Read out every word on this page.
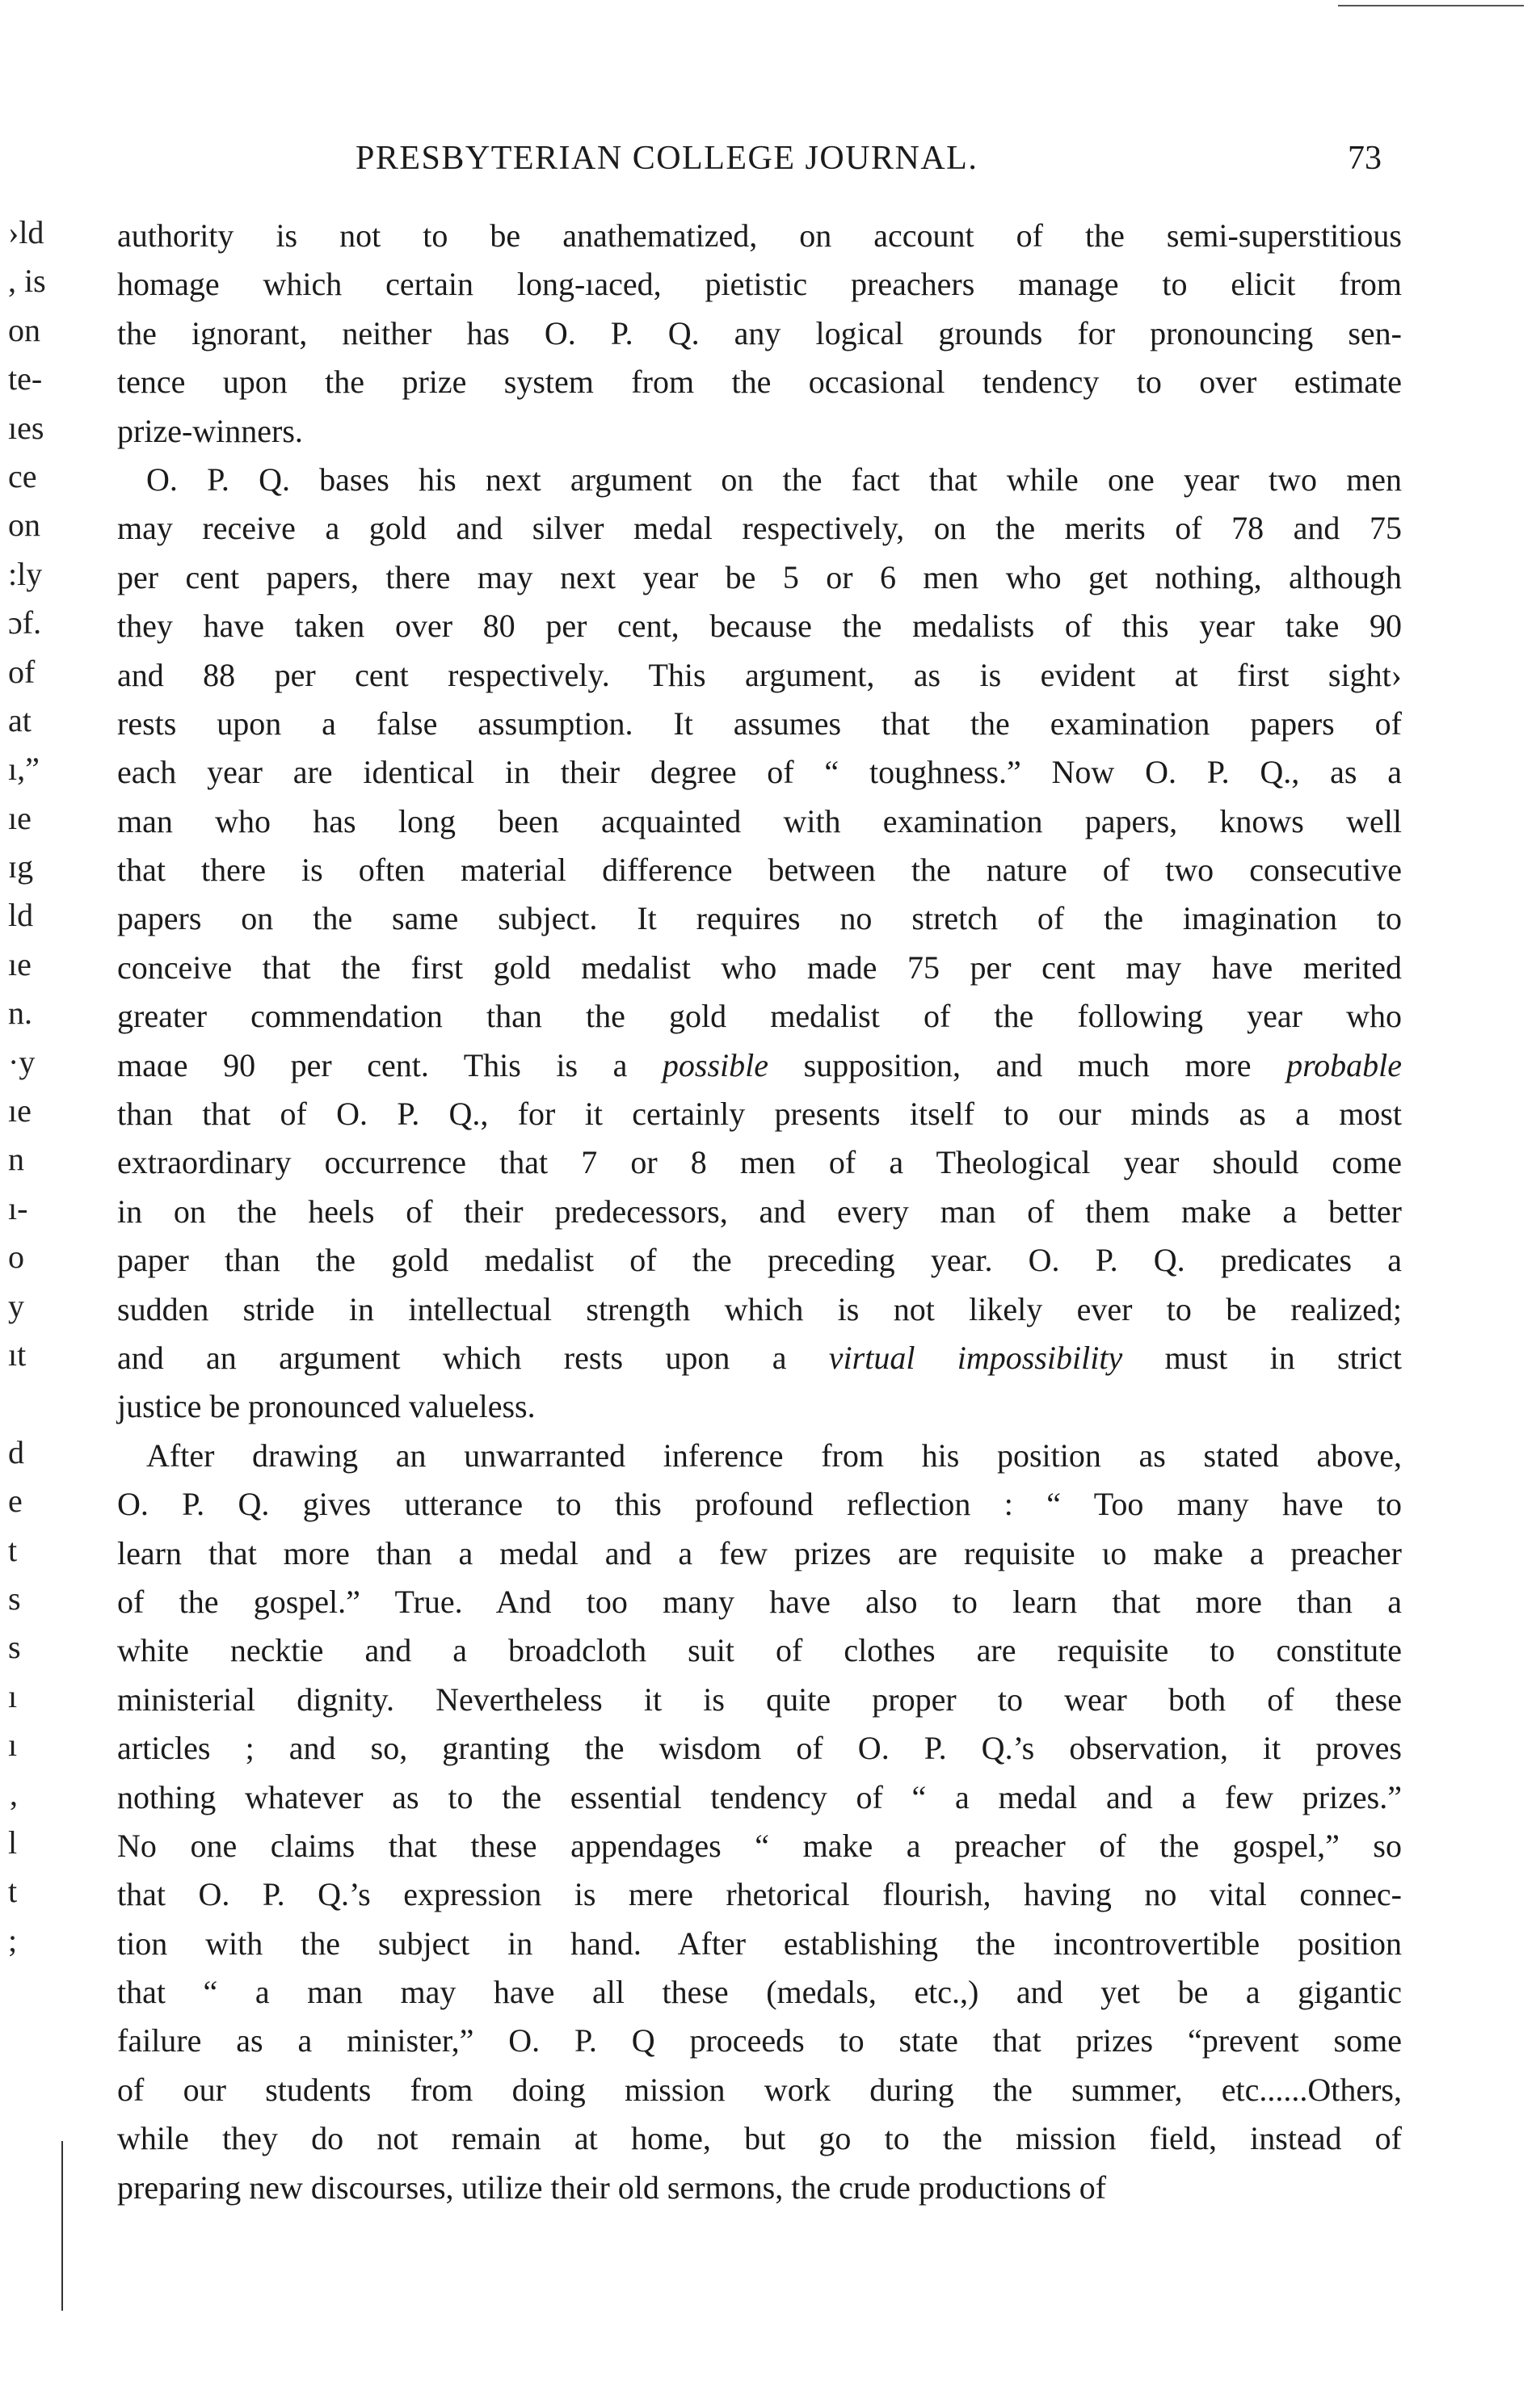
PRESBYTERIAN COLLEGE JOURNAL.	73
›ld
, is
on
te-
ıes
ce
on
:ly
ɔf.
of
at
ı,”
ıe
ɪg
ld
ıe
n.
·y
ıe
n
ı-
o
y
ıt
d
e
t
s
s
ı
ı
‚
l
t
;
authority is not to be anathematized, on account of the semi-superstitious
homage which certain lᴏng-ıaced, pietistic preachers manage to elicit from
the ignorant, neither has O. P. Q. any logical grounds for pronouncing sen-
tence upon the prize system from the occasional tendency to over estimate
prize-winners.
O. P. Q. bases his next argument on the fact that while one year two men
may receive a gold and silver medal respectively, on the merits of 78 and 75
per cent papers, there may next year be 5 or 6 men who get nothing, although
they have taken over 80 per cent, because the medalists of this year take 90
and 88 per cent respectively. This argument, as is evident at first sight›
rests upon a false assumption. It assumes that the examination papers of
each year are identical in their degree of “ toughness.” Now O. P. Q., as a
man who has long been acquainted with examination papers, knows well
that there is often material difference between the nature of two consecutive
papers on the same subject. It requires no stretch of the imagination to
conceive that the first gold medalist who made 75 per cent may have merited
greater commendation than the gold medalist of the following year who
maɑe 90 per cent. This is a possible supposition, and much more probable
than that of O. P. Q., for it certainly presents itself to our minds as a most
extraordinary occurrence that 7 or 8 men of a Theological year should come
in on the heels of their predecessors, and every man of them make a better
paper than the gold medalist of the preceding year. O. P. Q. predicates a
sudden stride in intellectual strength which is not likely ever to be realized;
and an argument which rests upon a virtual impossibility must in strict
justice be pronounced valueless.
After drawing an unwarranted inference from his position as stated above,
O. P. Q. gives utterance to this profound reflection : “ Too many have to
learn that more than a medal and a few prizes are requisite ɩo make a preacher
of the gospel.” True. And too many have also to learn that more than a
white necktie and a broadcloth suit of clothes are requisite to constitute
ministerial dignity. Nevertheless it is quite proper to wear both of these
articles ; and so, granting the wisdom of O. P. Q.’s observation, it proves
nothing whatever as to the essential tendency of “ a medal and a few prizes.”
No one claims that these appendages “ make a preacher of the gospel,” so
that O. P. Q.’s expression is mere rhetorical flourish, having no vital connec-
tion with the subject in hand. After establishing the incontrovertible position
that “ a man may have all these (medals, etc.,) and yet be a gigantic
failure as a minister,” O. P. Q proceeds to state that prizes “prevent some
of our students from doing mission work during the summer, etc......Others,
while they do not remain at home, but go to the mission field, instead of
preparing new discourses, utilize their old sermons, the crude productions of
